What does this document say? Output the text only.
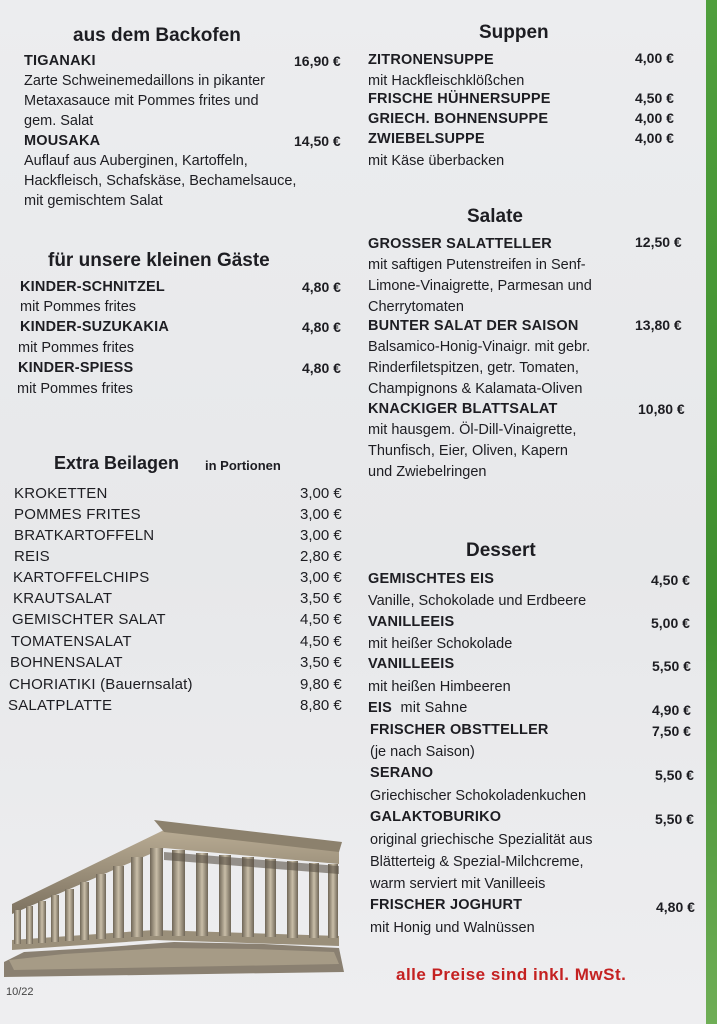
aus dem Backofen
TIGANAKI	16,90 €
Zarte Schweinemedaillons in pikanter
Metaxasauce mit Pommes frites und
gem. Salat
MOUSAKA	14,50 €
Auflauf aus Auberginen, Kartoffeln,
Hackfleisch, Schafskäse, Bechamelsauce,
mit gemischtem Salat
für unsere kleinen Gäste
KINDER-SCHNITZEL	4,80 €
mit Pommes frites
KINDER-SUZUKAKIA	4,80 €
mit Pommes frites
KINDER-SPIESS	4,80 €
mit Pommes frites
Extra Beilagen in Portionen
KROKETTEN	3,00 €
POMMES FRITES	3,00 €
BRATKARTOFFELN	3,00 €
REIS	2,80 €
KARTOFFELCHIPS	3,00 €
KRAUTSALAT	3,50 €
GEMISCHTER SALAT	4,50 €
TOMATENSALAT	4,50 €
BOHNENSALAT	3,50 €
CHORIATIKI (Bauernsalat)	9,80 €
SALATPLATTE	8,80 €
10/22
Suppen
ZITRONENSUPPE	4,00 €
mit Hackfleischklößchen
FRISCHE HÜHNERSUPPE	4,50 €
GRIECH. BOHNENSUPPE	4,00 €
ZWIEBELSUPPE	4,00 €
mit Käse überbacken
Salate
GROSSER SALATTELLER	12,50 €
mit saftigen Putenstreifen in Senf-
Limone-Vinaigrette, Parmesan und
Cherrytomaten
BUNTER SALAT DER SAISON	13,80 €
Balsamico-Honig-Vinaigr. mit gebr.
Rinderfiletspitzen, getr. Tomaten,
Champignons & Kalamata-Oliven
KNACKIGER BLATTSALAT	10,80 €
mit hausgem. Öl-Dill-Vinaigrette,
Thunfisch, Eier, Oliven, Kapern
und Zwiebelringen
Dessert
GEMISCHTES EIS	4,50 €
Vanille, Schokolade und Erdbeere
VANILLEEIS	5,00 €
mit heißer Schokolade
VANILLEEIS	5,50 €
mit heißen Himbeeren
EIS mit Sahne	4,90 €
FRISCHER OBSTTELLER	7,50 €
(je nach Saison)
SERANO	5,50 €
Griechischer Schokoladenkuchen
GALAKTOBURIKO	5,50 €
original griechische Spezialität aus
Blätterteig & Spezial-Milchcreme,
warm serviert mit Vanilleeis
FRISCHER JOGHURT	4,80 €
mit Honig und Walnüssen
alle Preise sind inkl. MwSt.
